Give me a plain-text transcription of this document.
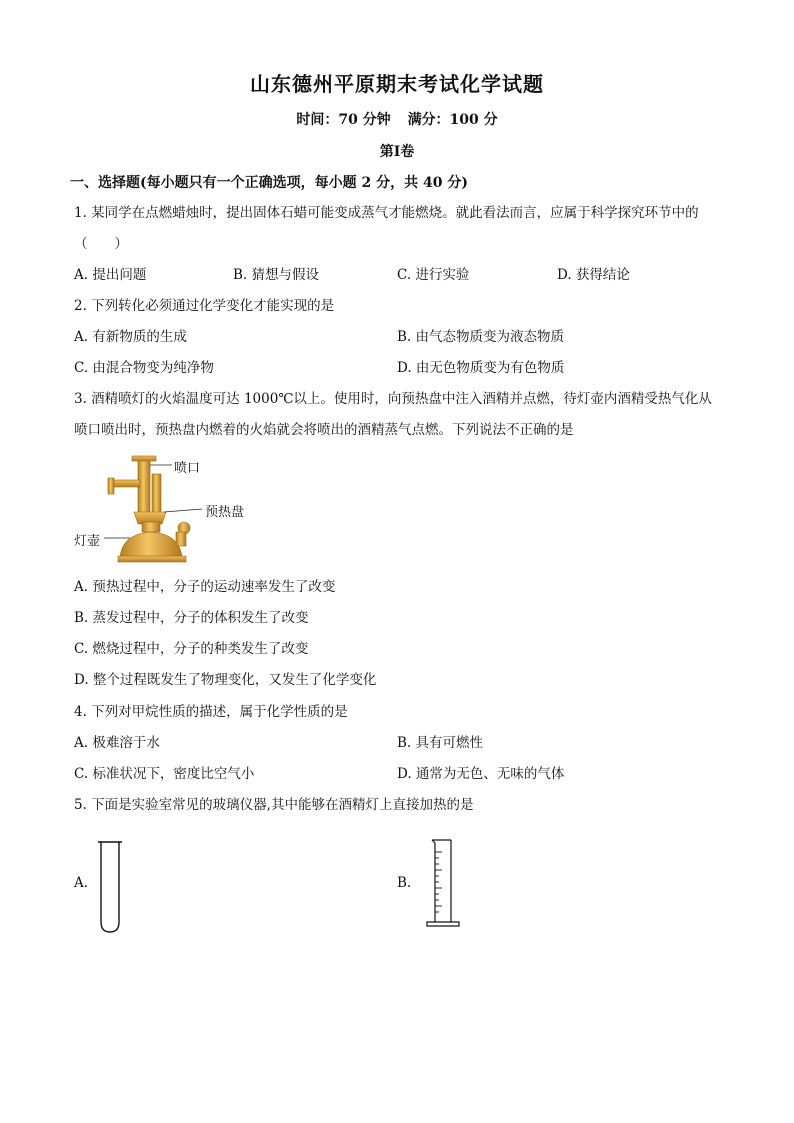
山东德州平原期末考试化学试题
时间：70 分钟 满分：100 分
第Ⅰ卷
一、选择题(每小题只有一个正确选项，每小题 2 分，共 40 分)
1. 某同学在点燃蜡烛时，提出固体石蜡可能变成蒸气才能燃烧。就此看法而言，应属于科学探究环节中的
（　　）
A. 提出问题	B. 猜想与假设	C. 进行实验	D. 获得结论
2. 下列转化必须通过化学变化才能实现的是
A. 有新物质的生成	B. 由气态物质变为液态物质
C. 由混合物变为纯净物	D. 由无色物质变为有色物质
3. 酒精喷灯的火焰温度可达 1000℃以上。使用时，向预热盘中注入酒精并点燃，待灯壶内酒精受热气化从
喷口喷出时，预热盘内燃着的火焰就会将喷出的酒精蒸气点燃。下列说法不正确的是
喷口
预热盘
灯壶
A. 预热过程中，分子的运动速率发生了改变
B. 蒸发过程中，分子的体积发生了改变
C. 燃烧过程中，分子的种类发生了改变
D. 整个过程既发生了物理变化，又发生了化学变化
4. 下列对甲烷性质的描述，属于化学性质的是
A. 极难溶于水	B. 具有可燃性
C. 标准状况下，密度比空气小	D. 通常为无色、无味的气体
5. 下面是实验室常见的玻璃仪器,其中能够在酒精灯上直接加热的是
A.	B.
